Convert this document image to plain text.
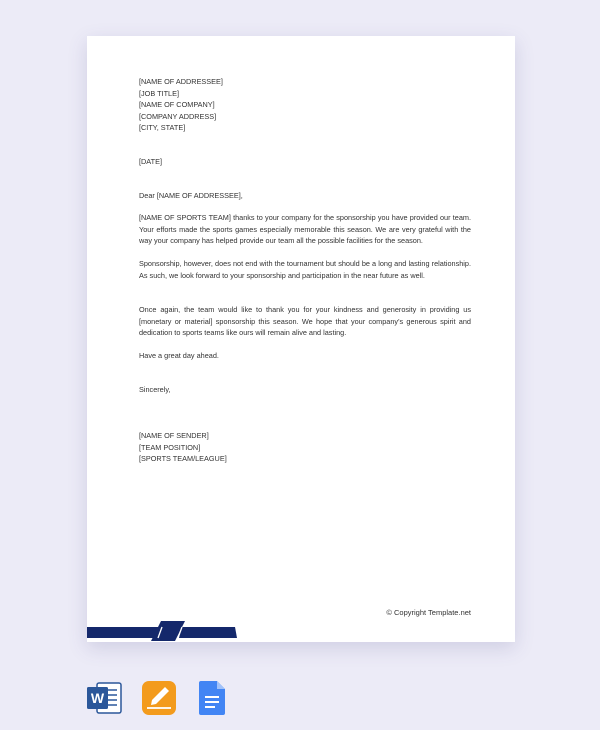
[NAME OF ADDRESSEE]

[JOB TITLE]

[NAME OF COMPANY]

[COMPANY ADDRESS]

[CITY, STATE]

[DATE]

Dear [NAME OF ADDRESSEE],

[NAME OF SPORTS TEAM] thanks to your company for the sponsorship you have provided our team. Your efforts made the sports games especially memorable this season. We are very grateful with the way your company has helped provide our team all the possible facilities for the season.

Sponsorship, however, does not end with the tournament but should be a long and lasting relationship. As such, we look forward to your sponsorship and participation in the near future as well.

Once again, the team would like to thank you for your kindness and generosity in providing us [monetary or material] sponsorship this season. We hope that your company's generous spirit and dedication to sports teams like ours will remain alive and lasting.

Have a great day ahead.

Sincerely,

[NAME OF SENDER]

[TEAM POSITION]

[SPORTS TEAM/LEAGUE]

© Copyright Template.net
W
